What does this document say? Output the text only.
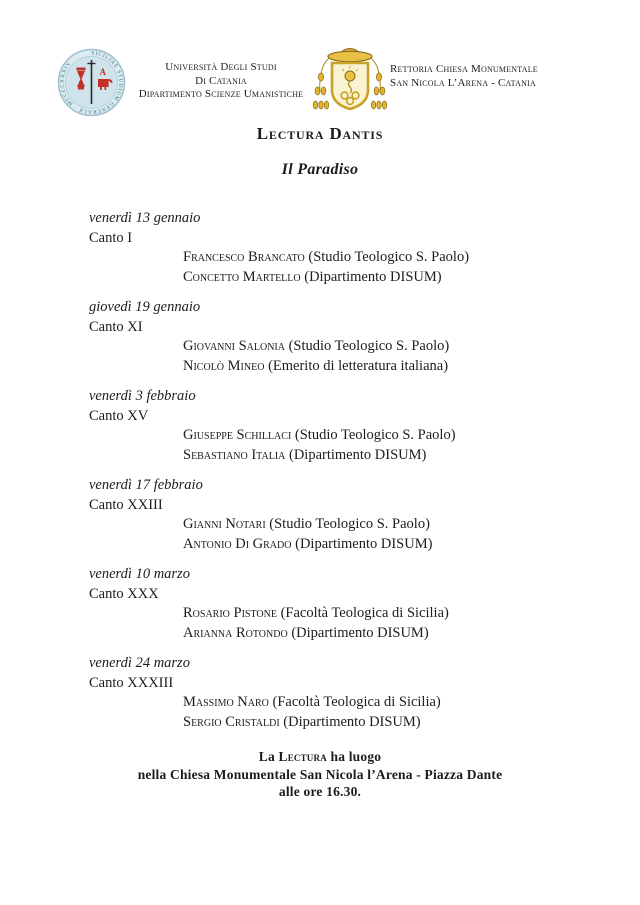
SICILIAE STUDIUM GENERALE · MCCCCXXXIV
A	Università Degli Studi
Di Catania
Dipartimento Scienze Umanistiche
Rettoria Chiesa Monumentale
San Nicola L’Arena - Catania
Lectura Dantis
Il Paradiso
venerdì 13 gennaio
Canto I
Francesco Brancato (Studio Teologico S. Paolo)
Concetto Martello (Dipartimento DISUM)
giovedì 19 gennaio
Canto XI
Giovanni Salonia (Studio Teologico S. Paolo)
Nicolò Mineo (Emerito di letteratura italiana)
venerdì 3 febbraio
Canto XV
Giuseppe Schillaci (Studio Teologico S. Paolo)
Sebastiano Italia (Dipartimento DISUM)
venerdì 17 febbraio
Canto XXIII
Gianni Notari (Studio Teologico S. Paolo)
Antonio Di Grado (Dipartimento DISUM)
venerdì 10 marzo
Canto XXX
Rosario Pistone (Facoltà Teologica di Sicilia)
Arianna Rotondo (Dipartimento DISUM)
venerdì 24 marzo
Canto XXXIII
Massimo Naro (Facoltà Teologica di Sicilia)
Sergio Cristaldi (Dipartimento DISUM)
La Lectura ha luogo
nella Chiesa Monumentale San Nicola l’Arena - Piazza Dante
alle ore 16.30.
